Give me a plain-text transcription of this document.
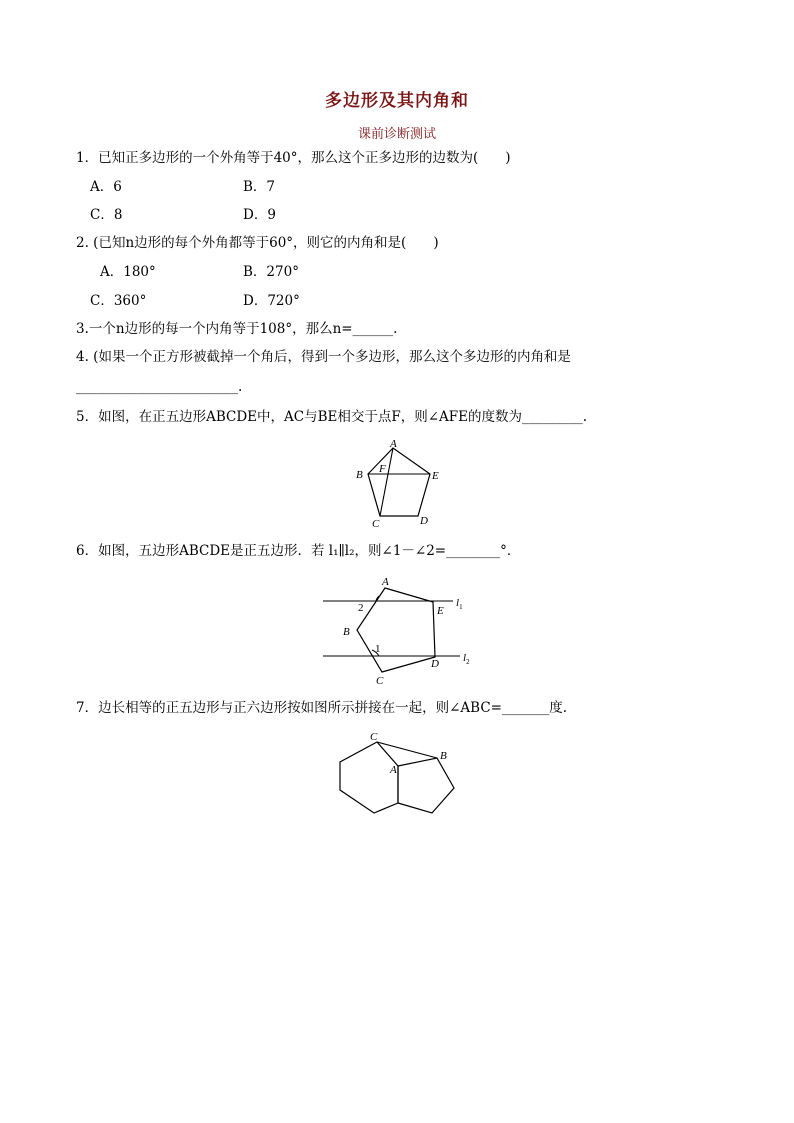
多边形及其内角和
课前诊断测试
1．已知正多边形的一个外角等于40°，那么这个正多边形的边数为(　　)
A．6	B．7
C．8	D．9
2. (已知n边形的每个外角都等于60°，则它的内角和是(　　)
A．180°	B．270°
C．360°	D．720°
3.一个n边形的每一个内角等于108°，那么n=______.
4. (如果一个正方形被截掉一个角后，得到一个多边形，那么这个多边形的内角和是
________________________.
5．如图，在正五边形ABCDE中，AC与BE相交于点F，则∠AFE的度数为_________.
A
B
C	D
E
F
6．如图，五边形ABCDE是正五边形．若 l₁∥l₂，则∠1－∠2=________°．
A
B
C
D
E
1
2	$l_1$
$l_2$
7．边长相等的正五边形与正六边形按如图所示拼接在一起，则∠ABC=_______度.
C
B
A
